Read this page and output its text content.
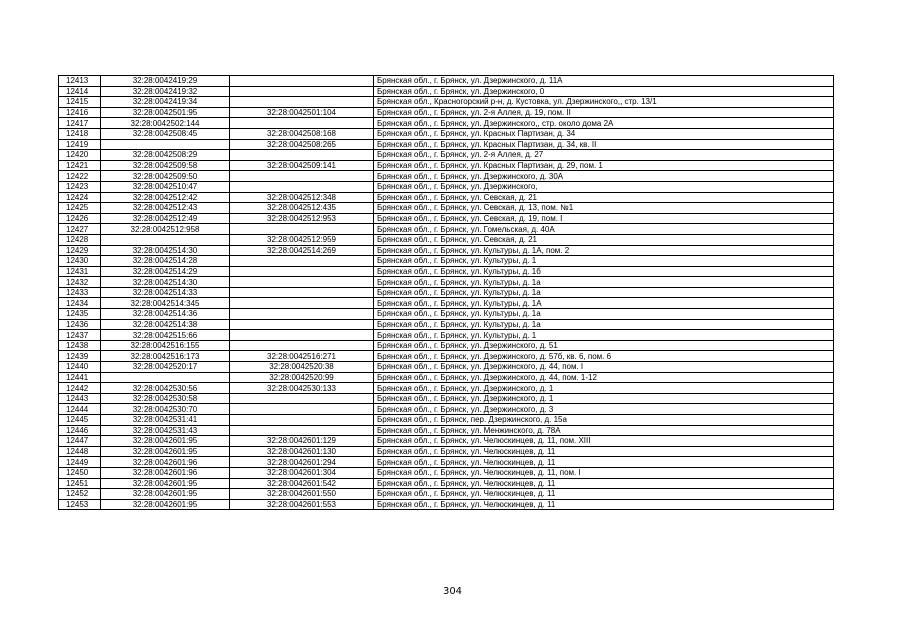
12413	32:28:0042419:29		Брянская обл., г. Брянск, ул. Дзержинского, д. 11А
12414	32:28:0042419:32		Брянская обл., г. Брянск, ул. Дзержинского, 0
12415	32:28:0042419:34		Брянская обл., Красногорский р-н, д. Кустовка, ул. Дзержинского,, стр. 13/1
12416	32:28:0042501:95	32:28:0042501:104	Брянская обл., г. Брянск, ул. 2-я Аллея, д. 19, пом. II
12417	32:28:0042502:144		Брянская обл., г. Брянск, ул. Дзержинского,, стр. около дома 2А
12418	32:28:0042508:45	32:28:0042508:168	Брянская обл., г. Брянск, ул. Красных Партизан, д. 34
12419		32:28:0042508:265	Брянская обл., г. Брянск, ул. Красных Партизан, д. 34, кв. II
12420	32:28:0042508:29		Брянская обл., г. Брянск, ул. 2-я Аллея, д. 27
12421	32:28:0042509:58	32:28:0042509:141	Брянская обл., г. Брянск, ул. Красных Партизан, д. 29, пом. 1
12422	32:28:0042509:50		Брянская обл., г. Брянск, ул. Дзержинского, д. 30А
12423	32:28:0042510:47		Брянская обл., г. Брянск, ул. Дзержинского,
12424	32:28:0042512:42	32:28:0042512:348	Брянская обл., г. Брянск, ул. Севская, д. 21
12425	32:28:0042512:43	32:28:0042512:435	Брянская обл., г. Брянск, ул. Севская, д. 13, пом. №1
12426	32:28:0042512:49	32:28:0042512:953	Брянская обл., г. Брянск, ул. Севская, д. 19, пом. I
12427	32:28:0042512:958		Брянская обл., г. Брянск, ул. Гомельская, д. 40А
12428		32:28:0042512:959	Брянская обл., г. Брянск, ул. Севская, д. 21
12429	32:28:0042514:30	32:28:0042514:269	Брянская обл., г. Брянск, ул. Культуры, д. 1А, пом. 2
12430	32:28:0042514:28		Брянская обл., г. Брянск, ул. Культуры, д. 1
12431	32:28:0042514:29		Брянская обл., г. Брянск, ул. Культуры, д. 1б
12432	32:28:0042514:30		Брянская обл., г. Брянск, ул. Культуры, д. 1а
12433	32:28:0042514:33		Брянская обл., г. Брянск, ул. Культуры, д. 1а
12434	32:28:0042514:345		Брянская обл., г. Брянск, ул. Культуры, д. 1А
12435	32:28:0042514:36		Брянская обл., г. Брянск, ул. Культуры, д. 1а
12436	32:28:0042514:38		Брянская обл., г. Брянск, ул. Культуры, д. 1а
12437	32:28:0042515:66		Брянская обл., г. Брянск, ул. Культуры, д. 1
12438	32:28:0042516:155		Брянская обл., г. Брянск, ул. Дзержинского, д. 51
12439	32:28:0042516:173	32:28:0042516:271	Брянская обл., г. Брянск, ул. Дзержинского, д. 57б, кв. 6, пом. 6
12440	32:28:0042520:17	32:28:0042520:38	Брянская обл., г. Брянск, ул. Дзержинского, д. 44, пом. I
12441		32:28:0042520:99	Брянская обл., г. Брянск, ул. Дзержинского, д. 44, пом. 1-12
12442	32:28:0042530:56	32:28:0042530:133	Брянская обл., г. Брянск, ул. Дзержинского, д. 1
12443	32:28:0042530:58		Брянская обл., г. Брянск, ул. Дзержинского, д. 1
12444	32:28:0042530:70		Брянская обл., г. Брянск, ул. Дзержинского, д. 3
12445	32:28:0042531:41		Брянская обл., г. Брянск, пер. Дзержинского, д. 15а
12446	32:28:0042531:43		Брянская обл., г. Брянск, ул. Менжинского, д. 78А
12447	32:28:0042601:95	32:28:0042601:129	Брянская обл., г. Брянск, ул. Челюскинцев, д. 11, пом. XIII
12448	32:28:0042601:95	32:28:0042601:130	Брянская обл., г. Брянск, ул. Челюскинцев, д. 11
12449	32:28:0042601:96	32:28:0042601:294	Брянская обл., г. Брянск, ул. Челюскинцев, д. 11
12450	32:28:0042601:96	32:28:0042601:304	Брянская обл., г. Брянск, ул. Челюскинцев, д. 11, пом. I
12451	32:28:0042601:95	32:28:0042601:542	Брянская обл., г. Брянск, ул. Челюскинцев, д. 11
12452	32:28:0042601:95	32:28:0042601:550	Брянская обл., г. Брянск, ул. Челюскинцев, д. 11
12453	32:28:0042601:95	32:28:0042601:553	Брянская обл., г. Брянск, ул. Челюскинцев, д. 11
304
